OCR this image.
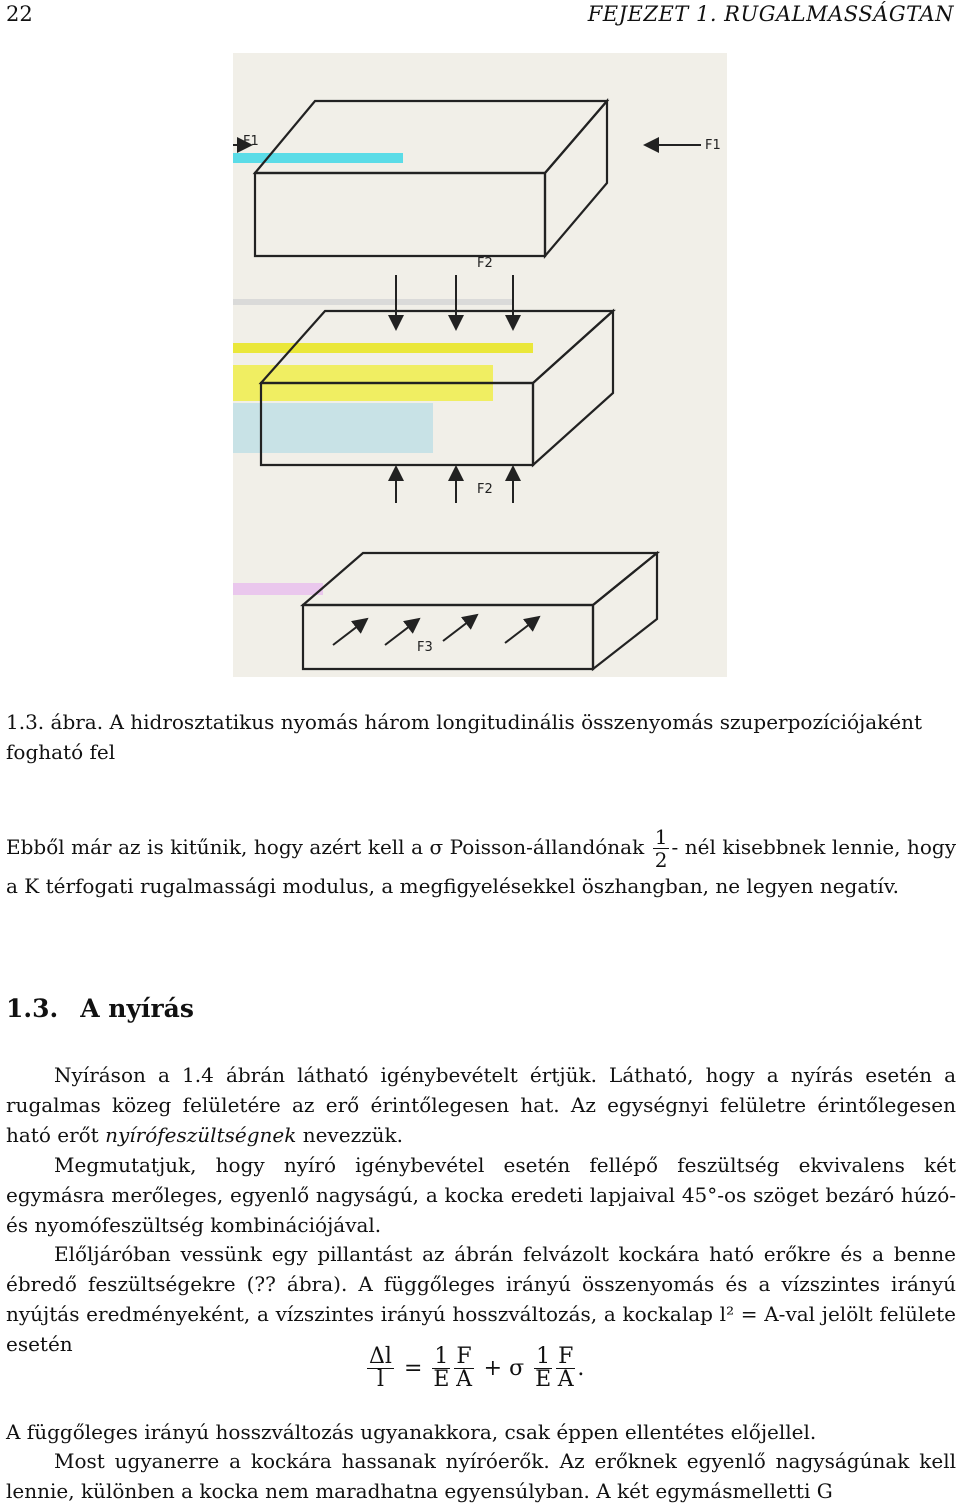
22	FEJEZET 1. RUGALMASSÁGTAN
F1	F1
F2
F2
F3
1.3. ábra. A hidrosztatikus nyomás három longitudinális összenyomás szuperpozíciójaként fogható fel
Ebből már az is kitűnik, hogy azért kell a σ Poisson-állandónak $\frac{1}{2}$ - nél kisebbnek lennie, hogy a K térfogati rugalmassági modulus, a megfigyelésekkel öszhangban, ne legyen negatív.
1.3. A nyírás
Nyíráson a 1.4 ábrán látható igénybevételt értjük. Látható, hogy a nyírás esetén a rugalmas közeg felületére az erő érintőlegesen hat. Az egységnyi felületre érintőlegesen ható erőt nyírófeszültségnek nevezzük.
Megmutatjuk, hogy nyíró igénybevétel esetén fellépő feszültség ekvivalens két egymásra merőleges, egyenlő nagyságú, a kocka eredeti lapjaival 45°-os szöget bezáró húzó-és nyomófeszültség kombinációjával.
Előljáróban vessünk egy pillantást az ábrán felvázolt kockára ható erőkre és a benne ébredő feszültségekre (?? ábra). A függőleges irányú összenyomás és a vízszintes irányú nyújtás eredményeként, a vízszintes irányú hosszváltozás, a kockalap l² = A-val jelölt felülete esetén
$\frac{\Delta l}{l} = \frac{1}{E} \frac{F}{A} + \sigma \frac{1}{E} \frac{F}{A}$ .
A függőleges irányú hosszváltozás ugyanakkora, csak éppen ellentétes előjellel.
Most ugyanerre a kockára hassanak nyíróerők. Az erőknek egyenlő nagyságúnak kell lennie, különben a kocka nem maradhatna egyensúlyban. A két egymásmelletti G
